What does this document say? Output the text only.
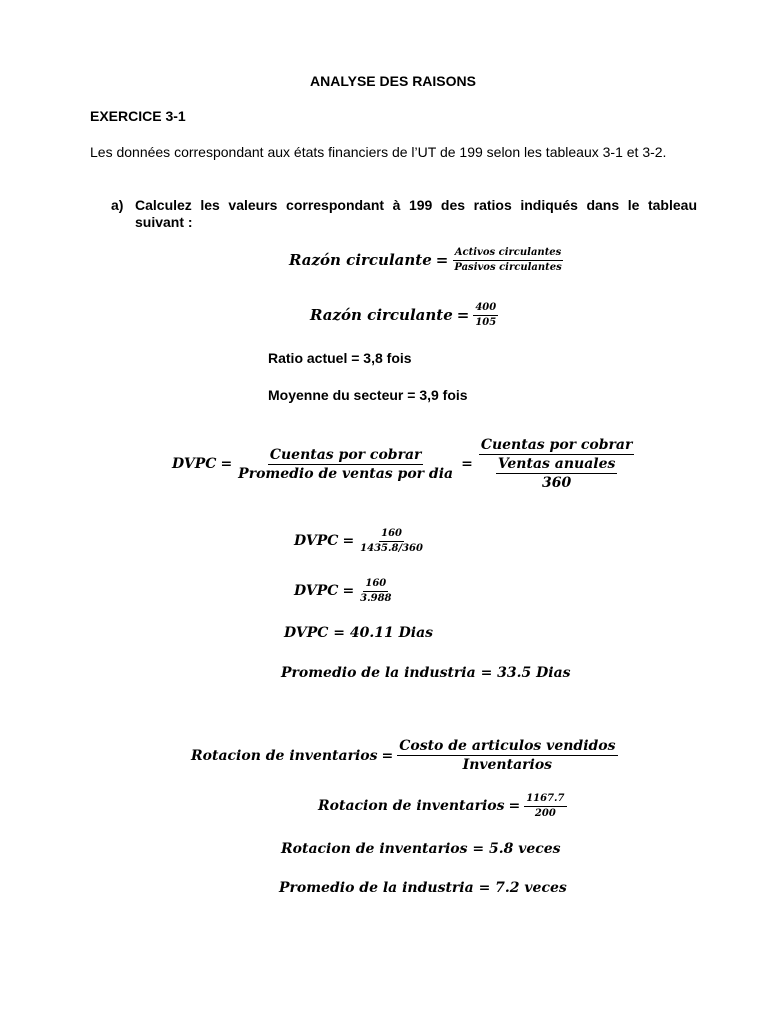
ANALYSE DES RAISONS
EXERCICE 3-1
Les données correspondant aux états financiers de l’UT de 199 selon les tableaux 3-1 et 3-2.
a) Calculez les valeurs correspondant à 199 des ratios indiqués dans le tableau suivant :
Razón circulante = $\frac{\text{Activos circulantes}}{\text{Pasivos circulantes}}$
Razón circulante = $\frac{400}{105}$
Ratio actuel = 3,8 fois
Moyenne du secteur = 3,9 fois
DVPC = $\frac{\text{Cuentas por cobrar}}{\text{Promedio de ventas por dia}} = \frac{\text{Cuentas por cobrar}}{\frac{\text{Ventas anuales}}{360}}$
DVPC = $\frac{160}{1435.8/360}$
DVPC = $\frac{160}{3.988}$
DVPC = 40.11 Dias
Promedio de la industria = 33.5 Dias
Rotacion de inventarios = $\frac{\text{Costo de articulos vendidos}}{\text{Inventarios}}$
Rotacion de inventarios = $\frac{1167.7}{200}$
Rotacion de inventarios = 5.8 veces
Promedio de la industria = 7.2 veces
